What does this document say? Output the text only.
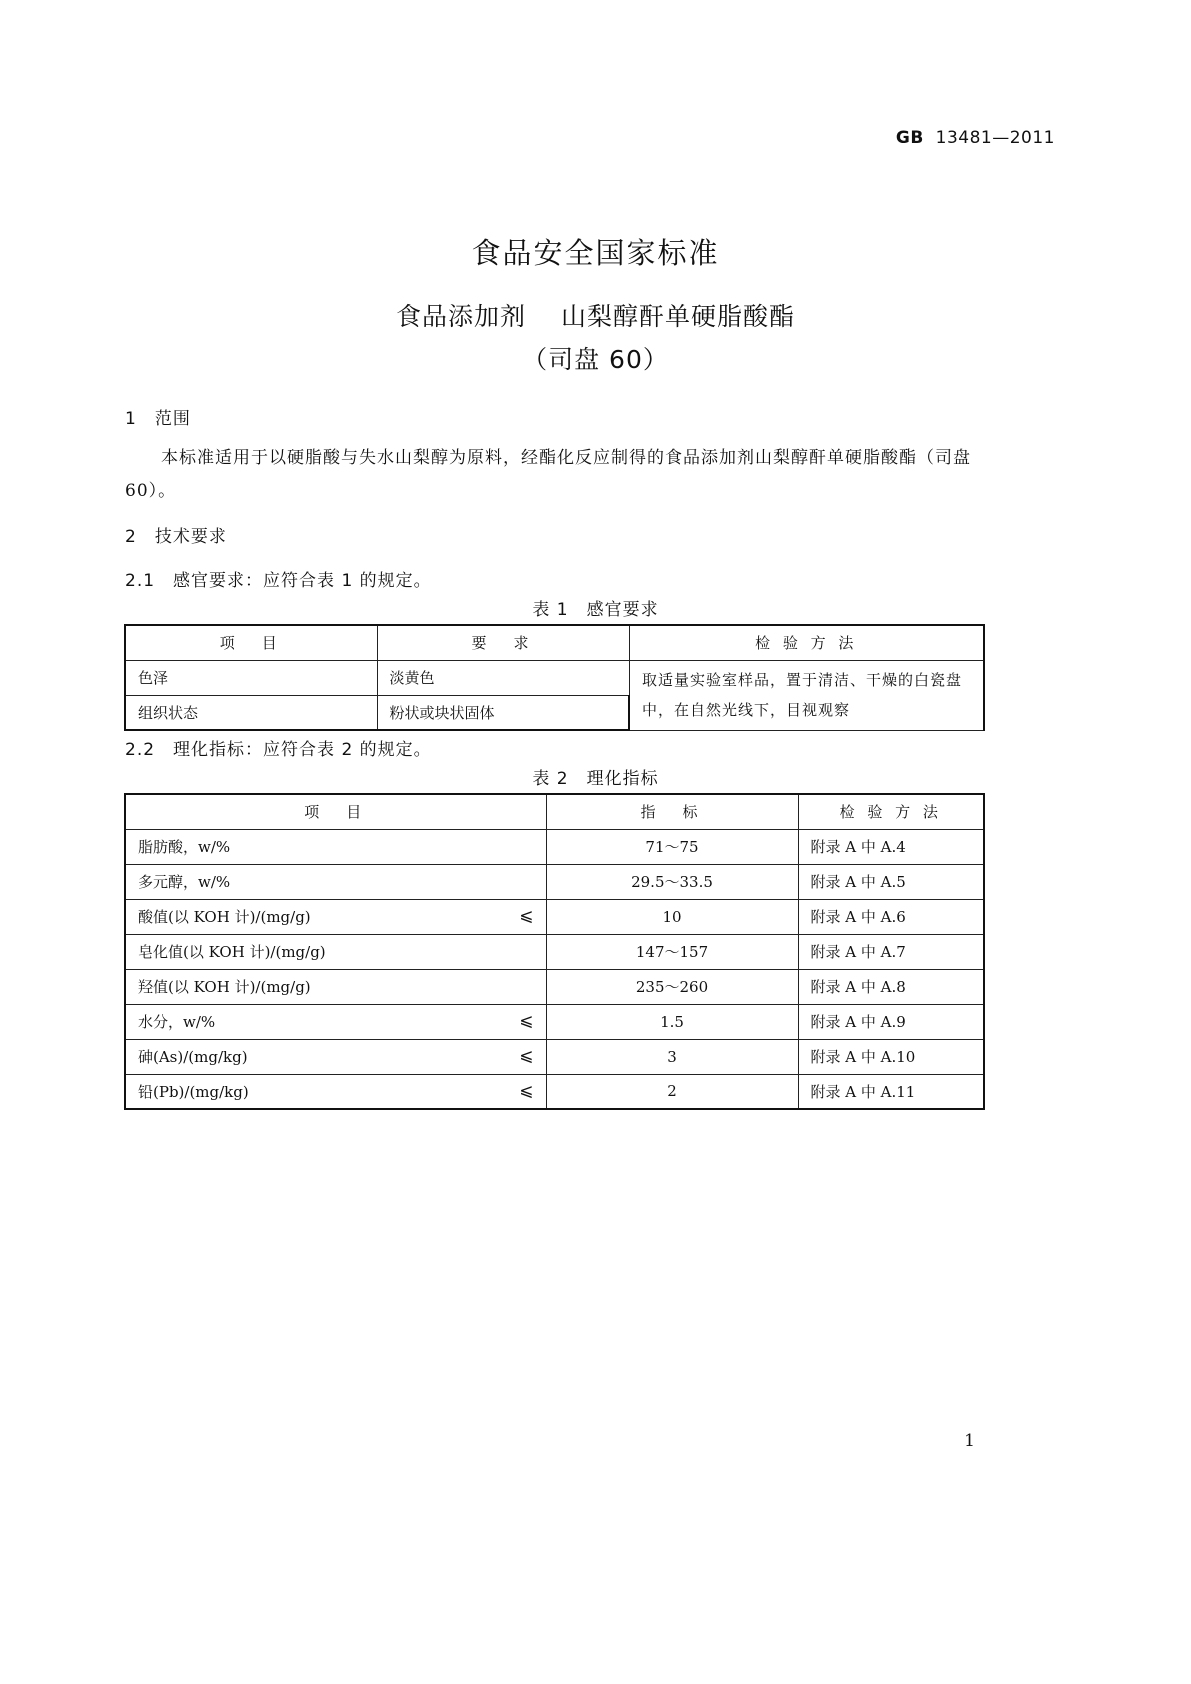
GB 13481—2011
食品安全国家标准
食品添加剂　 山梨醇酐单硬脂酸酯
（司盘 60）
1　范围
本标准适用于以硬脂酸与失水山梨醇为原料，经酯化反应制得的食品添加剂山梨醇酐单硬脂酸酯（司盘 60）。
2　技术要求
2.1　感官要求：应符合表 1 的规定。
表 1　感官要求
项　目	要　求	检 验 方 法
色泽	淡黄色	取适量实验室样品，置于清洁、干燥的白瓷盘中，在自然光线下，目视观察
组织状态	粉状或块状固体	
2.2　理化指标：应符合表 2 的规定。
表 2　理化指标
项　目	指　标	检 验 方 法
脂肪酸，w/%	71～75	附录 A 中 A.4
多元醇，w/%	29.5～33.5	附录 A 中 A.5
酸值(以 KOH 计)/(mg/g) ⩽	10	附录 A 中 A.6
皂化值(以 KOH 计)/(mg/g)	147～157	附录 A 中 A.7
羟值(以 KOH 计)/(mg/g)	235～260	附录 A 中 A.8
水分，w/% ⩽	1.5	附录 A 中 A.9
砷(As)/(mg/kg) ⩽	3	附录 A 中 A.10
铅(Pb)/(mg/kg) ⩽	2	附录 A 中 A.11
1
